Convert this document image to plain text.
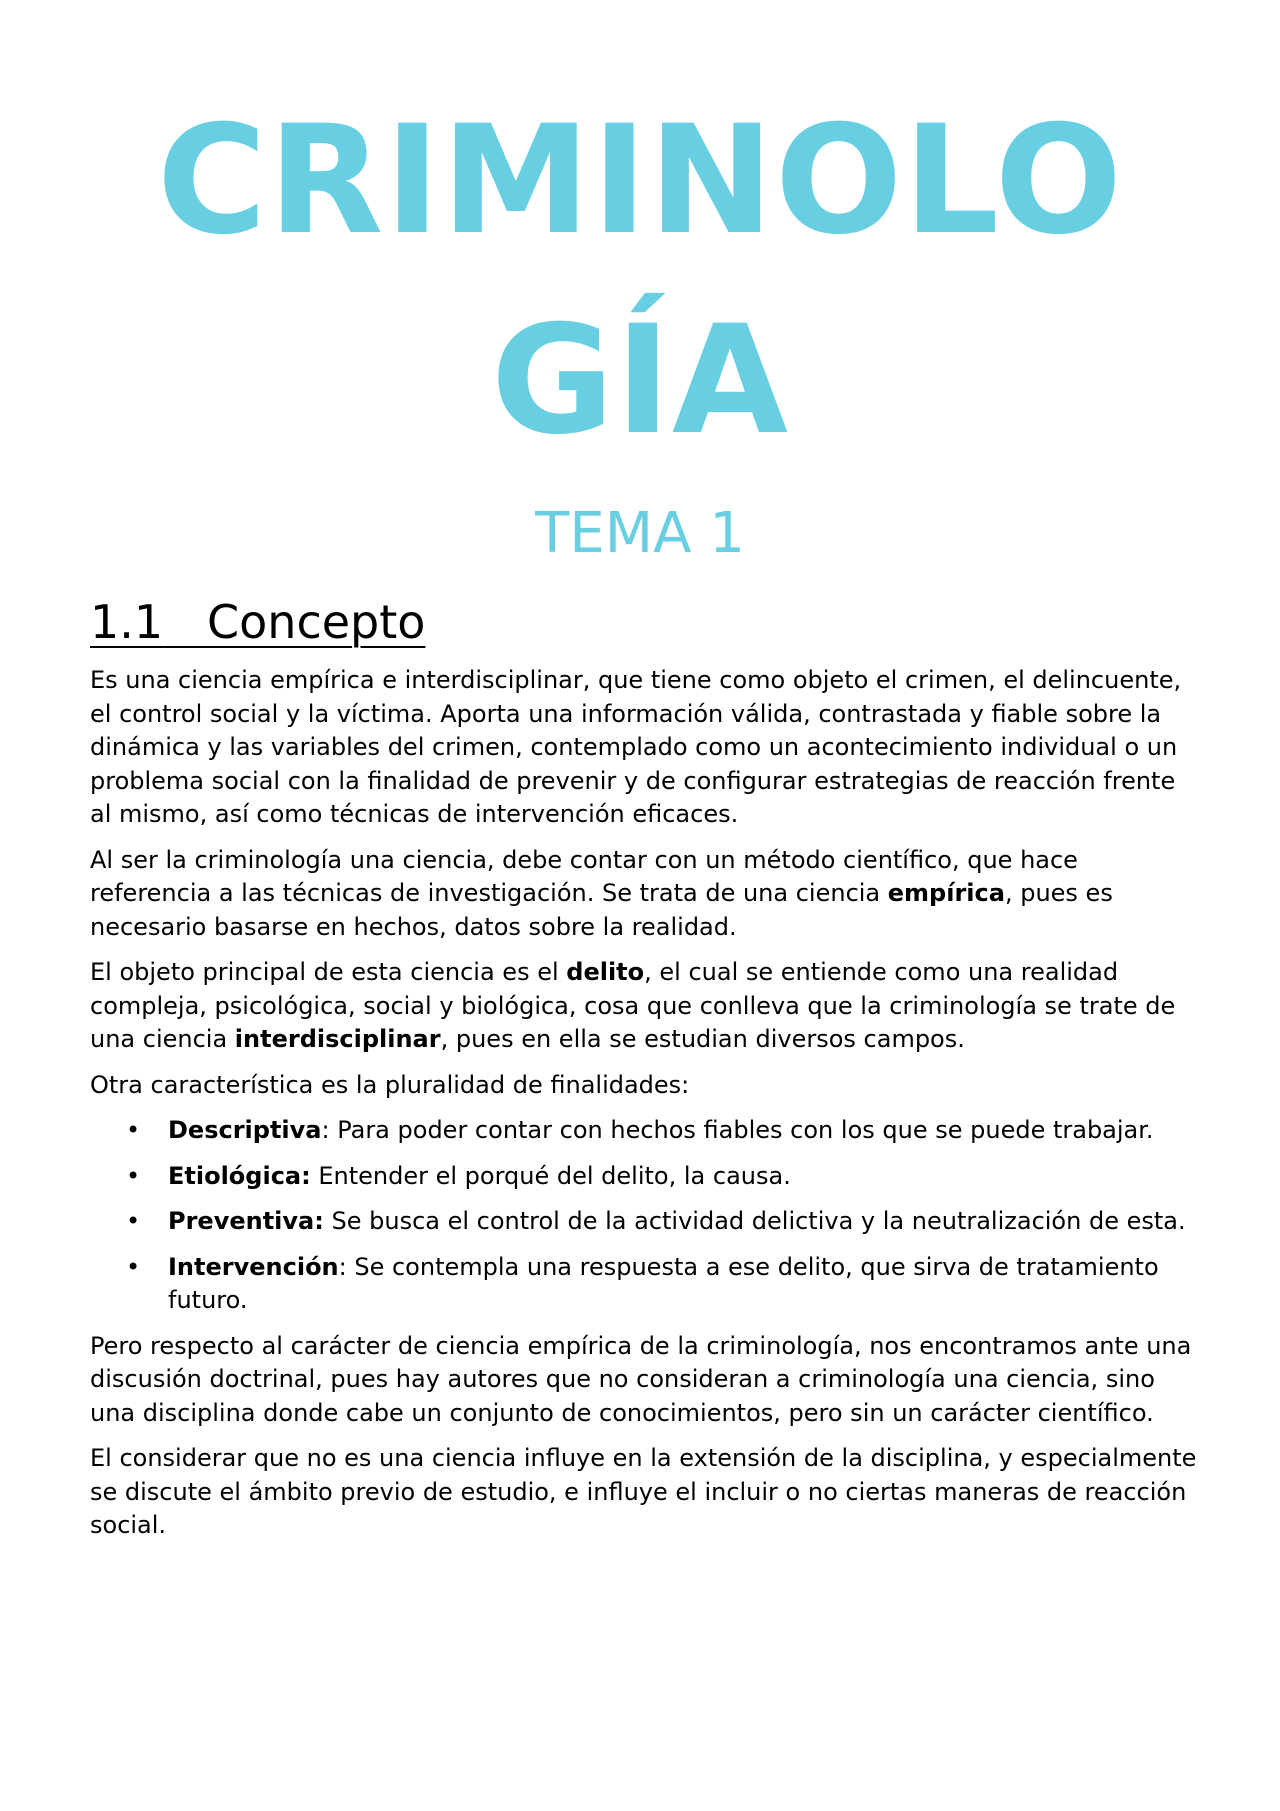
CRIMINOLO
GÍA
TEMA 1
1.1 Concepto

Es una ciencia empírica e interdisciplinar, que tiene como objeto el crimen, el delincuente, el control social y la víctima. Aporta una información válida, contrastada y fiable sobre la dinámica y las variables del crimen, contemplado como un acontecimiento individual o un problema social con la finalidad de prevenir y de configurar estrategias de reacción frente al mismo, así como técnicas de intervención eficaces.

Al ser la criminología una ciencia, debe contar con un método científico, que hace referencia a las técnicas de investigación. Se trata de una ciencia empírica, pues es necesario basarse en hechos, datos sobre la realidad.

El objeto principal de esta ciencia es el delito, el cual se entiende como una realidad compleja, psicológica, social y biológica, cosa que conlleva que la criminología se trate de una ciencia interdisciplinar, pues en ella se estudian diversos campos.

Otra característica es la pluralidad de finalidades:

• Descriptiva: Para poder contar con hechos fiables con los que se puede trabajar.
• Etiológica: Entender el porqué del delito, la causa.
• Preventiva: Se busca el control de la actividad delictiva y la neutralización de esta.
• Intervención: Se contempla una respuesta a ese delito, que sirva de tratamiento futuro.

Pero respecto al carácter de ciencia empírica de la criminología, nos encontramos ante una discusión doctrinal, pues hay autores que no consideran a criminología una ciencia, sino una disciplina donde cabe un conjunto de conocimientos, pero sin un carácter científico.

El considerar que no es una ciencia influye en la extensión de la disciplina, y especialmente se discute el ámbito previo de estudio, e influye el incluir o no ciertas maneras de reacción social.
